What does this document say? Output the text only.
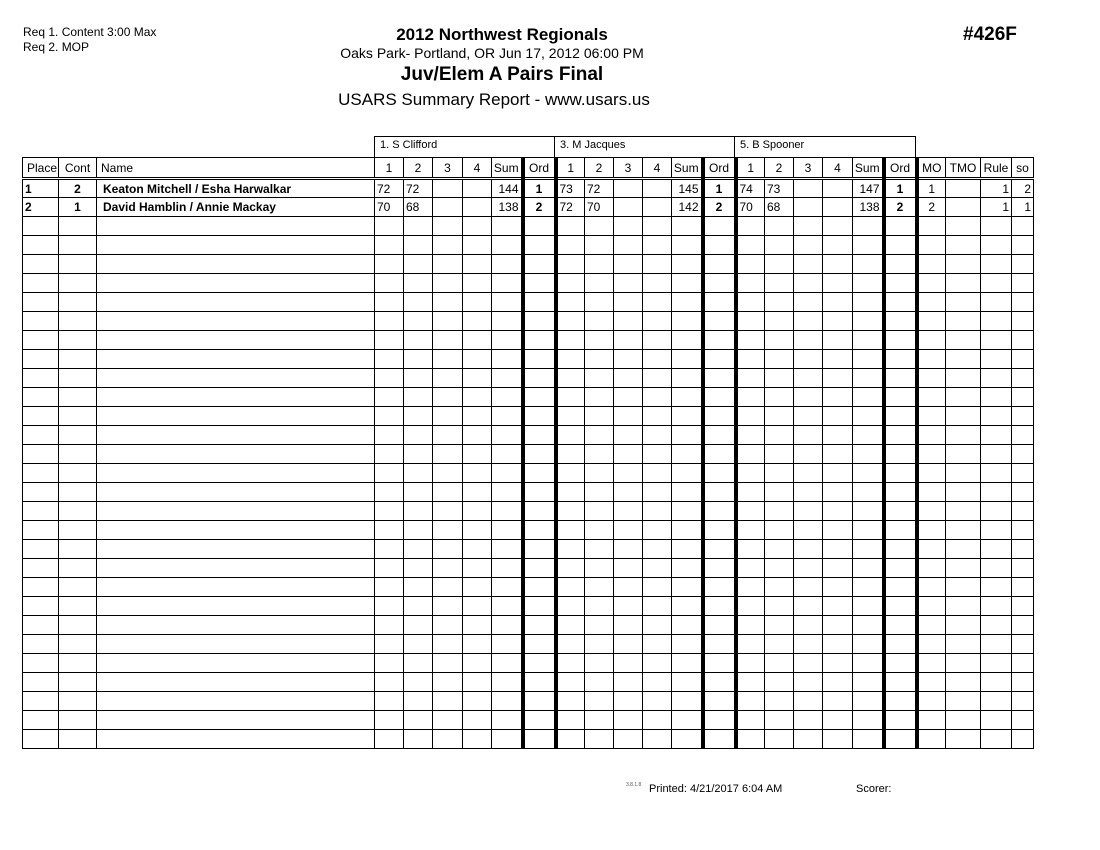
Req 1. Content 3:00 Max
Req 2. MOP
2012 Northwest Regionals
Oaks Park- Portland, OR Jun 17, 2012 06:00 PM
Juv/Elem A Pairs Final
USARS Summary Report - www.usars.us
#426F
1. S Clifford	3. M Jacques	5. B Spooner
Place	Cont	Name	1	2	3	4	Sum	Ord	1	2	3	4	Sum	Ord	1	2	3	4	Sum	Ord	MO	TMO	Rule	so
1	2	Keaton Mitchell / Esha Harwalkar	72	72			144	1	73	72			145	1	74	73			147	1	1		1	2
2	1	David Hamblin / Annie Mackay	70	68			138	2	72	70			142	2	70	68			138	2	2		1	1

3.8.1.8 Printed: 4/21/2017 6:04 AM	Scorer:
